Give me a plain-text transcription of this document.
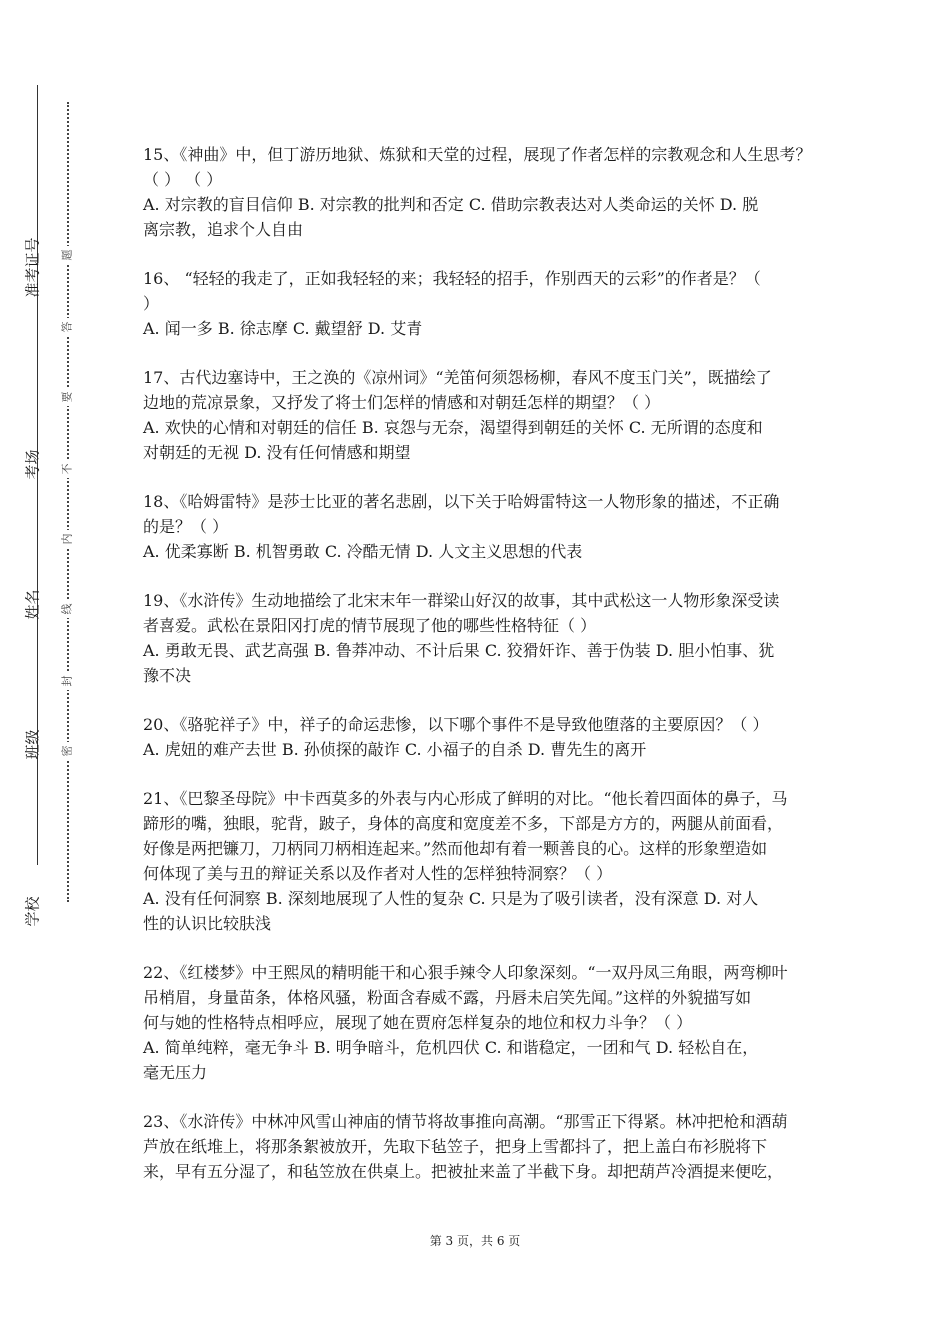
准考证号
考场
姓名
班级
学校
题
答
要
不
内
线
封
密
15、《神曲》中，但丁游历地狱、炼狱和天堂的过程，展现了作者怎样的宗教观念和人生思考？
（ ） （ ）
A. 对宗教的盲目信仰 B. 对宗教的批判和否定 C. 借助宗教表达对人类命运的关怀 D. 脱
离宗教，追求个人自由
16、 “轻轻的我走了，正如我轻轻的来；我轻轻的招手，作别西天的云彩”的作者是？（
）
A. 闻一多 B. 徐志摩 C. 戴望舒 D. 艾青
17、古代边塞诗中，王之涣的《凉州词》“羌笛何须怨杨柳，春风不度玉门关”，既描绘了
边地的荒凉景象，又抒发了将士们怎样的情感和对朝廷怎样的期望？（ ）
A. 欢快的心情和对朝廷的信任 B. 哀怨与无奈，渴望得到朝廷的关怀 C. 无所谓的态度和
对朝廷的无视 D. 没有任何情感和期望
18、《哈姆雷特》是莎士比亚的著名悲剧，以下关于哈姆雷特这一人物形象的描述，不正确
的是？（ ）
A. 优柔寡断 B. 机智勇敢 C. 冷酷无情 D. 人文主义思想的代表
19、《水浒传》生动地描绘了北宋末年一群梁山好汉的故事，其中武松这一人物形象深受读
者喜爱。武松在景阳冈打虎的情节展现了他的哪些性格特征（ ）
A. 勇敢无畏、武艺高强 B. 鲁莽冲动、不计后果 C. 狡猾奸诈、善于伪装 D. 胆小怕事、犹
豫不决
20、《骆驼祥子》中，祥子的命运悲惨，以下哪个事件不是导致他堕落的主要原因？（ ）
A. 虎妞的难产去世 B. 孙侦探的敲诈 C. 小福子的自杀 D. 曹先生的离开
21、《巴黎圣母院》中卡西莫多的外表与内心形成了鲜明的对比。“他长着四面体的鼻子，马
蹄形的嘴，独眼，驼背，跛子，身体的高度和宽度差不多，下部是方方的，两腿从前面看，
好像是两把镰刀，刀柄同刀柄相连起来。”然而他却有着一颗善良的心。这样的形象塑造如
何体现了美与丑的辩证关系以及作者对人性的怎样独特洞察？（ ）
A. 没有任何洞察 B. 深刻地展现了人性的复杂 C. 只是为了吸引读者，没有深意 D. 对人
性的认识比较肤浅
22、《红楼梦》中王熙凤的精明能干和心狠手辣令人印象深刻。“一双丹凤三角眼，两弯柳叶
吊梢眉，身量苗条，体格风骚，粉面含春威不露，丹唇未启笑先闻。”这样的外貌描写如
何与她的性格特点相呼应，展现了她在贾府怎样复杂的地位和权力斗争？（ ）
A. 简单纯粹，毫无争斗 B. 明争暗斗，危机四伏 C. 和谐稳定，一团和气 D. 轻松自在，
毫无压力
23、《水浒传》中林冲风雪山神庙的情节将故事推向高潮。“那雪正下得紧。林冲把枪和酒葫
芦放在纸堆上，将那条絮被放开，先取下毡笠子，把身上雪都抖了，把上盖白布衫脱将下
来，早有五分湿了，和毡笠放在供桌上。把被扯来盖了半截下身。却把葫芦冷酒提来便吃，
第 3 页，共 6 页
